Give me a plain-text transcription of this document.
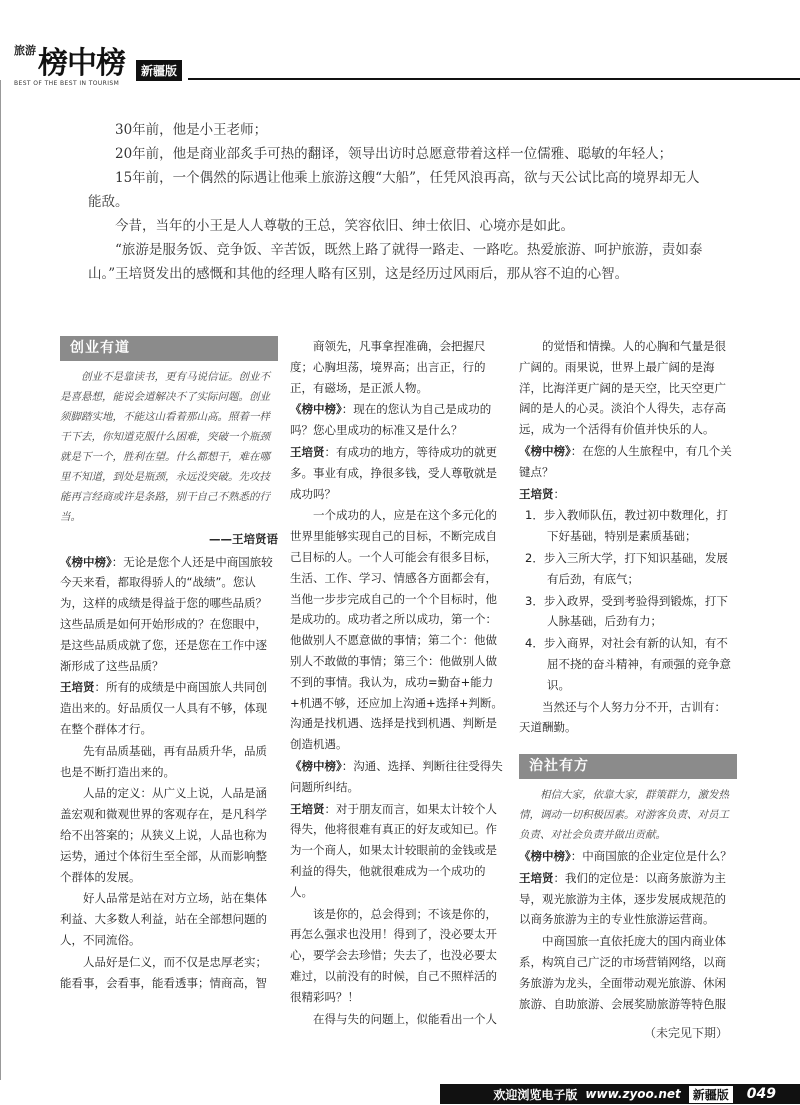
旅游 榜中榜	新疆版
BEST OF THE BEST IN TOURISM

30年前，他是小王老师；

20年前，他是商业部炙手可热的翻译，领导出访时总愿意带着这样一位儒雅、聪敏的年轻人；

15年前，一个偶然的际遇让他乘上旅游这艘“大船”，任凭风浪再高，欲与天公试比高的境界却无人能敌。

今昔，当年的小王是人人尊敬的王总，笑容依旧、绅士依旧、心境亦是如此。

“旅游是服务饭、竞争饭、辛苦饭，既然上路了就得一路走、一路吃。热爱旅游、呵护旅游，责如泰山。”王培贤发出的感慨和其他的经理人略有区别，这是经历过风雨后，那从容不迫的心智。

创业有道

创业不是靠读书，更有马说信证。创业不是喜悬想，能说会道解决不了实际问题。创业须脚踏实地，不能这山看着那山高。照着一样干下去，你知道克服什么困难，突破一个瓶颈就是下一个，胜利在望。什么都想干，难在哪里不知道，到处是瓶颈，永远没突破。先攻技能再言经商或许是条路，别干自己不熟悉的行当。

——王培贤语

《榜中榜》：无论是您个人还是中商国旅较今天来看，都取得骄人的“战绩”。您认为，这样的成绩是得益于您的哪些品质？这些品质是如何开始形成的？在您眼中，是这些品质成就了您，还是您在工作中逐渐形成了这些品质？

王培贤：所有的成绩是中商国旅人共同创造出来的。好品质仅一人具有不够，体现在整个群体才行。

先有品质基础，再有品质升华，品质也是不断打造出来的。

人品的定义：从广义上说，人品是涵盖宏观和微观世界的客观存在，是凡科学给不出答案的；从狭义上说，人品也称为运势，通过个体衍生至全部，从而影响整个群体的发展。

好人品常是站在对方立场，站在集体利益、大多数人利益，站在全部想问题的人，不同流俗。

人品好是仁义，而不仅是忠厚老实；能看事，会看事，能看透事；情商高，智

商领先，凡事拿捏准确，会把握尺度；心胸坦荡，境界高；出言正，行的正，有磁场，是正派人物。

《榜中榜》：现在的您认为自己是成功的吗？您心里成功的标准又是什么？

王培贤：有成功的地方，等待成功的就更多。事业有成，挣很多钱，受人尊敬就是成功吗？

一个成功的人，应是在这个多元化的世界里能够实现自己的目标，不断完成自己目标的人。一个人可能会有很多目标，生活、工作、学习、情感各方面都会有，当他一步步完成自己的一个个目标时，他是成功的。成功者之所以成功，第一个：他做别人不愿意做的事情；第二个：他做别人不敢做的事情；第三个：他做别人做不到的事情。我认为，成功=勤奋+能力+机遇不够，还应加上沟通+选择+判断。沟通是找机遇、选择是找到机遇、判断是创造机遇。

《榜中榜》：沟通、选择、判断往往受得失问题所纠结。

王培贤：对于朋友而言，如果太计较个人得失，他将很难有真正的好友或知已。作为一个商人，如果太计较眼前的金钱或是利益的得失，他就很难成为一个成功的人。

该是你的，总会得到；不该是你的，再怎么强求也没用！得到了，没必要太开心，要学会去珍惜；失去了，也没必要太难过，以前没有的时候，自己不照样活的很精彩吗？！

在得与失的问题上，似能看出一个人

的觉悟和情操。人的心胸和气量是很广阔的。雨果说，世界上最广阔的是海洋，比海洋更广阔的是天空，比天空更广阔的是人的心灵。淡泊个人得失，志存高远，成为一个活得有价值并快乐的人。

《榜中榜》：在您的人生旅程中，有几个关键点？

王培贤：

1．步入教师队伍，教过初中数理化，打下好基础，特别是素质基础；

2．步入三所大学，打下知识基础，发展有后劲，有底气；

3．步入政界，受到考验得到锻炼，打下人脉基础，后劲有力；

4．步入商界，对社会有新的认知，有不屈不挠的奋斗精神，有顽强的竞争意识。

当然还与个人努力分不开，古训有：天道酬勤。

治社有方

相信大家，依靠大家，群策群力，激发热情，调动一切积极因素。对游客负责、对员工负责、对社会负责并做出贡献。

《榜中榜》：中商国旅的企业定位是什么？

王培贤：我们的定位是：以商务旅游为主导，观光旅游为主体，逐步发展成规范的以商务旅游为主的专业性旅游运营商。

中商国旅一直依托庞大的国内商业体系，构筑自己广泛的市场营销网络，以商务旅游为龙头，全面带动观光旅游、休闲旅游、自助旅游、会展奖励旅游等特色服

（未完见下期）
欢迎浏览电子版 www.zyoo.net	新疆版 049
